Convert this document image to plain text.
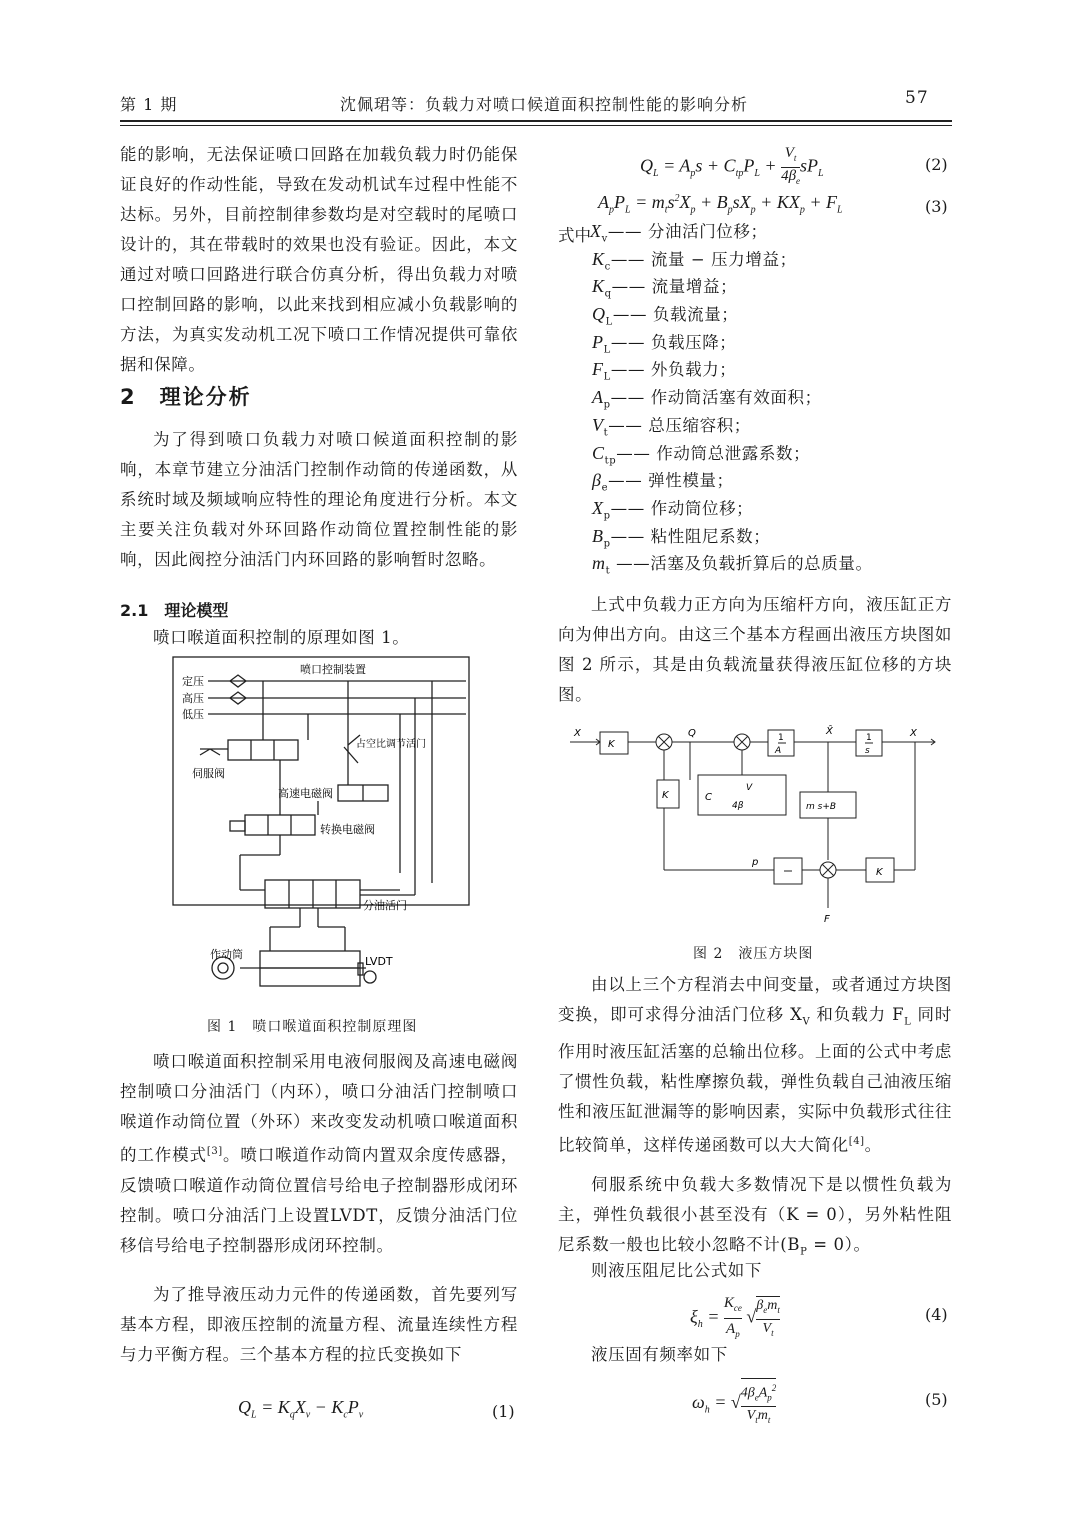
第 1 期	沈佩珺等：负载力对喷口候道面积控制性能的影响分析	57

能的影响，无法保证喷口回路在加载负载力时仍能保证良好的作动性能，导致在发动机试车过程中性能不达标。另外，目前控制律参数均是对空载时的尾喷口设计的，其在带载时的效果也没有验证。因此，本文通过对喷口回路进行联合仿真分析，得出负载力对喷口控制回路的影响，以此来找到相应减小负载影响的方法，为真实发动机工况下喷口工作情况提供可靠依据和保障。

2　理论分析

为了得到喷口负载力对喷口候道面积控制的影响，本章节建立分油活门控制作动筒的传递函数，从系统时域及频域响应特性的理论角度进行分析。本文主要关注负载对外环回路作动筒位置控制性能的影响，因此阀控分油活门内环回路的影响暂时忽略。

2.1　理论模型

喷口喉道面积控制的原理如图 1。

喷口控制装置
定压
高压
低压
伺服阀
占空比调节活门
高速电磁阀
转换电磁阀
分油活门
作动筒
LVDT
图 1　喷口喉道面积控制原理图

喷口喉道面积控制采用电液伺服阀及高速电磁阀控制喷口分油活门（内环），喷口分油活门控制喷口喉道作动筒位置（外环）来改变发动机喷口喉道面积的工作模式[3]。喷口喉道作动筒内置双余度传感器，反馈喷口喉道作动筒位置信号给电子控制器形成闭环控制。喷口分油活门上设置LVDT，反馈分油活门位移信号给电子控制器形成闭环控制。

为了推导液压动力元件的传递函数，首先要列写基本方程，即液压控制的流量方程、流量连续性方程与力平衡方程。三个基本方程的拉氏变换如下

$Q_L = K_qX_v - K_cP_v$	(1)
$Q_L = A_ps + C_{tp}P_L + \frac{V_t}{4\beta_e} sP_L$	(2)
$A_pP_L = m_ts^2X_p + B_psX_p + KX_p + F_L$	(3)
式中 $X_v——$ 分油活门位移；
$K_c——$ 流量 − 压力增益；
$K_q——$ 流量增益；
$Q_L——$ 负载流量；
$P_L——$ 负载压降；
$F_L——$ 外负载力；
$A_p——$ 作动筒活塞有效面积；
$V_t——$ 总压缩容积；
$C_{tp}——$ 作动筒总泄露系数；
$\beta_e——$ 弹性模量；
$X_p——$ 作动筒位移；
$B_p——$ 粘性阻尼系数；
$m_t$ ——活塞及负载折算后的总质量。

上式中负载力正方向为压缩杆方向，液压缸正方向为伸出方向。由这三个基本方程画出液压方块图如图 2 所示，其是由负载流量获得液压缸位移的方块图。

X
K
Q	1
A
X̂
1
s
X
K	C
V
4β	m s+B
p
K
F
图 2　液压方块图

由以上三个方程消去中间变量，或者通过方块图变换，即可求得分油活门位移 $X_V$ 和负载力 $F_L$ 同时作用时液压缸活塞的总输出位移。上面的公式中考虑了惯性负载，粘性摩擦负载，弹性负载自己油液压缩性和液压缸泄漏等的影响因素，实际中负载形式往往比较简单，这样传递函数可以大大简化[4]。

伺服系统中负载大多数情况下是以惯性负载为主，弹性负载很小甚至没有（K = 0），另外粘性阻尼系数一般也比较小忽略不计$(B_P = 0)$。

则液压阻尼比公式如下

$\xi_h$ =
$K_{ce}$
$A_p$
√
$\beta_em_t$
$V_t$
(4)

液压固有频率如下

$\omega_h$ = √ $4\beta_eA_p^2$
$V_tm_t$
(5)
